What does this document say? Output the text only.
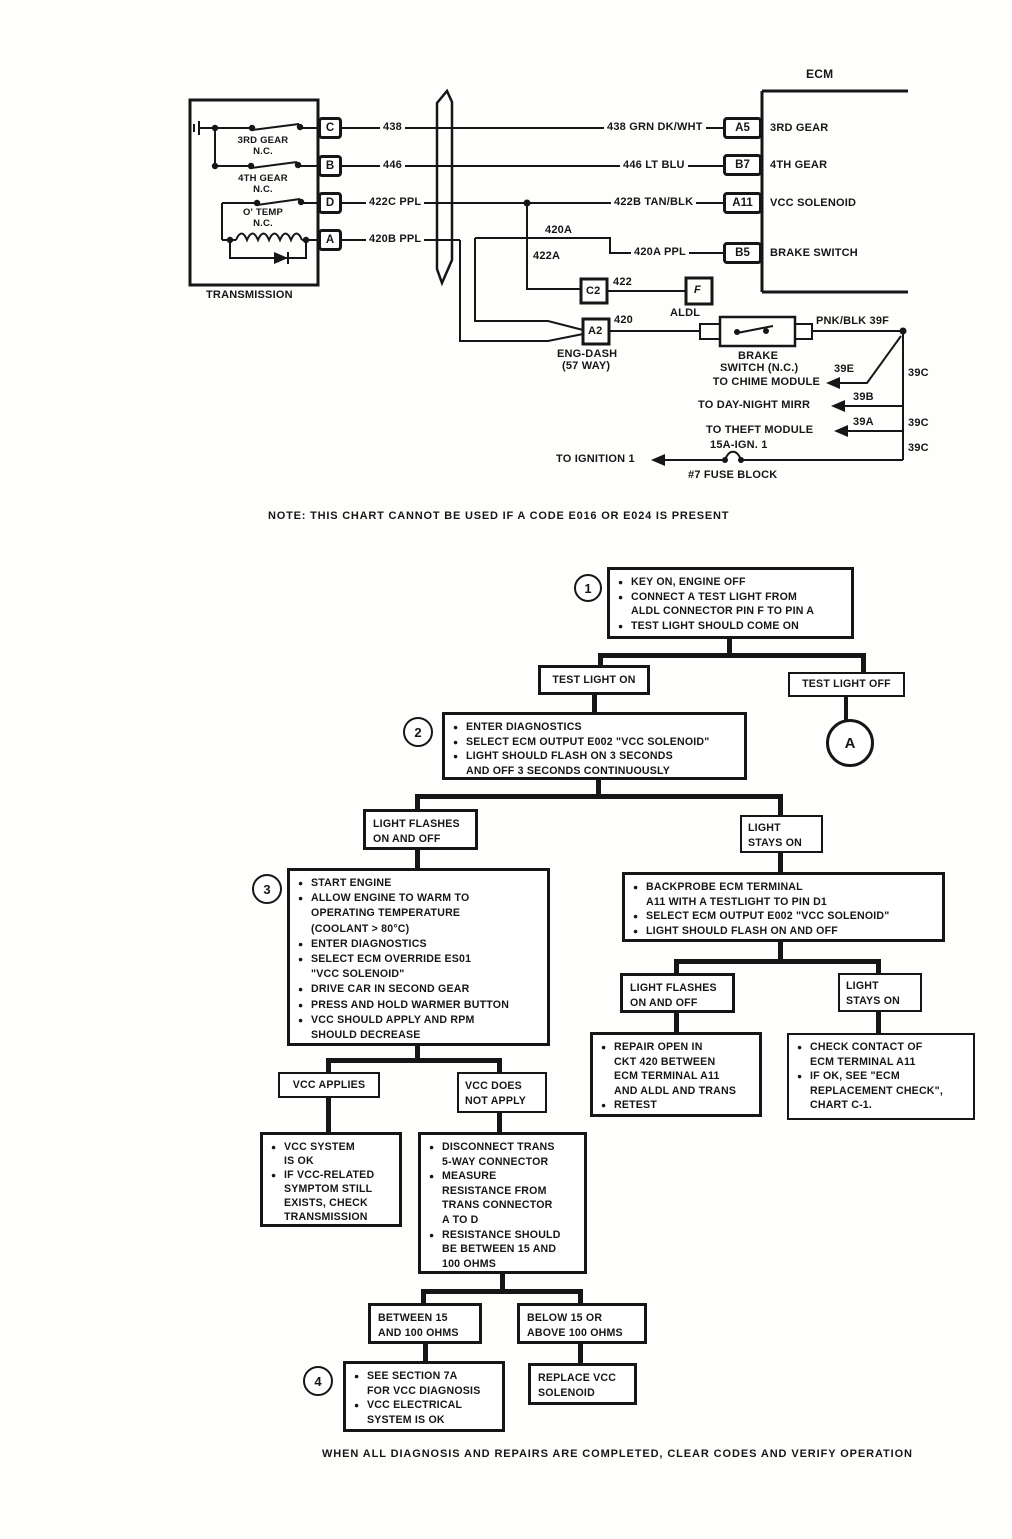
ECM
TRANSMISSION
C
B
D
A
3RD GEAR
N.C.
4TH GEAR
N.C.
O' TEMP
N.C.
438
446
422C PPL
420B PPL
438 GRN DK/WHT
446 LT BLU
422B TAN/BLK
420A PPL
A5
B7
A11
B5
3RD GEAR
4TH GEAR
VCC SOLENOID
BRAKE SWITCH
420A
422A
422
420
C2	F
A2
ALDL
ENG-DASH
(57 WAY)
BRAKE
SWITCH (N.C.)
PNK/BLK 39F
TO CHIME MODULE
39E	39C
TO DAY-NIGHT MIRR
39B
TO THEFT MODULE
39A	39C
15A-IGN. 1	39C
TO IGNITION 1
#7 FUSE BLOCK
NOTE: THIS CHART CANNOT BE USED IF A CODE E016 OR E024 IS PRESENT
1	● KEY ON, ENGINE OFF
● CONNECT A TEST LIGHT FROM
ALDL CONNECTOR PIN F TO PIN A
● TEST LIGHT SHOULD COME ON
TEST LIGHT ON	TEST LIGHT OFF
A
2	● ENTER DIAGNOSTICS
● SELECT ECM OUTPUT E002 "VCC SOLENOID"
● LIGHT SHOULD FLASH ON 3 SECONDS
AND OFF 3 SECONDS CONTINUOUSLY
LIGHT FLASHES
ON AND OFF
LIGHT
STAYS ON
3	● START ENGINE
● ALLOW ENGINE TO WARM TO
OPERATING TEMPERATURE
(COOLANT > 80°C)
● ENTER DIAGNOSTICS
● SELECT ECM OVERRIDE ES01
"VCC SOLENOID"
● DRIVE CAR IN SECOND GEAR
● PRESS AND HOLD WARMER BUTTON
● VCC SHOULD APPLY AND RPM
SHOULD DECREASE
● BACKPROBE ECM TERMINAL
A11 WITH A TESTLIGHT TO PIN D1
● SELECT ECM OUTPUT E002 "VCC SOLENOID"
● LIGHT SHOULD FLASH ON AND OFF
LIGHT FLASHES
ON AND OFF
LIGHT
STAYS ON
● REPAIR OPEN IN
CKT 420 BETWEEN
ECM TERMINAL A11
AND ALDL AND TRANS
● RETEST
● CHECK CONTACT OF
ECM TERMINAL A11
● IF OK, SEE "ECM
REPLACEMENT CHECK",
CHART C-1.
VCC APPLIES	VCC DOES
NOT APPLY
● VCC SYSTEM
IS OK
● IF VCC-RELATED
SYMPTOM STILL
EXISTS, CHECK
TRANSMISSION
● DISCONNECT TRANS
5-WAY CONNECTOR
● MEASURE
RESISTANCE FROM
TRANS CONNECTOR
A TO D
● RESISTANCE SHOULD
BE BETWEEN 15 AND
100 OHMS
BETWEEN 15
AND 100 OHMS
BELOW 15 OR
ABOVE 100 OHMS
4	● SEE SECTION 7A
FOR VCC DIAGNOSIS
● VCC ELECTRICAL
SYSTEM IS OK
REPLACE VCC
SOLENOID
WHEN ALL DIAGNOSIS AND REPAIRS ARE COMPLETED, CLEAR CODES AND VERIFY OPERATION
